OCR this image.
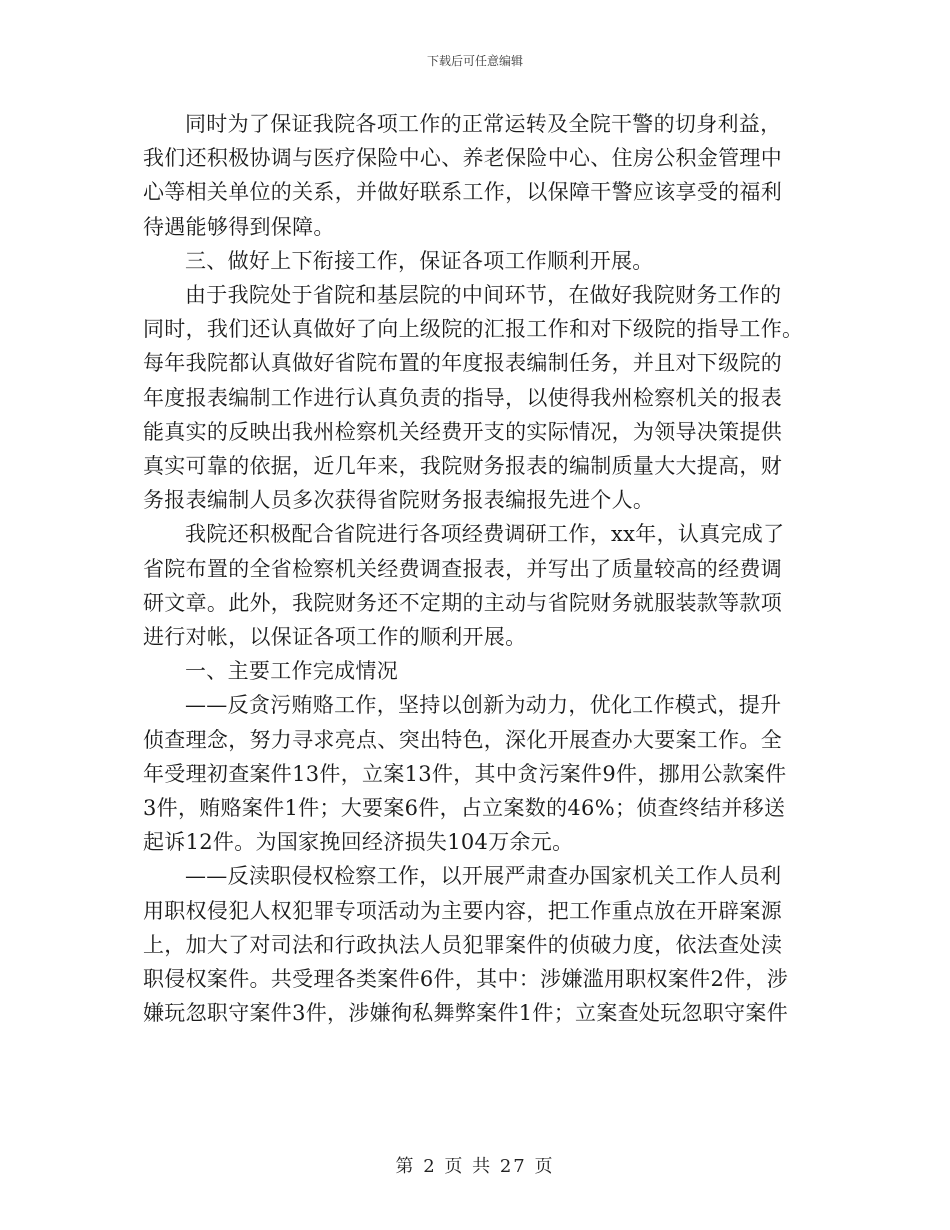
下载后可任意编辑

同时为了保证我院各项工作的正常运转及全院干警的切身利益，
我们还积极协调与医疗保险中心、养老保险中心、住房公积金管理中
心等相关单位的关系，并做好联系工作，以保障干警应该享受的福利
待遇能够得到保障。

三、做好上下衔接工作，保证各项工作顺利开展。

由于我院处于省院和基层院的中间环节，在做好我院财务工作的
同时，我们还认真做好了向上级院的汇报工作和对下级院的指导工作。
每年我院都认真做好省院布置的年度报表编制任务，并且对下级院的
年度报表编制工作进行认真负责的指导，以使得我州检察机关的报表
能真实的反映出我州检察机关经费开支的实际情况，为领导决策提供
真实可靠的依据，近几年来，我院财务报表的编制质量大大提高，财
务报表编制人员多次获得省院财务报表编报先进个人。

我院还积极配合省院进行各项经费调研工作，xx年，认真完成了
省院布置的全省检察机关经费调查报表，并写出了质量较高的经费调
研文章。此外，我院财务还不定期的主动与省院财务就服装款等款项
进行对帐，以保证各项工作的顺利开展。

一、主要工作完成情况

——反贪污贿赂工作，坚持以创新为动力，优化工作模式，提升
侦查理念，努力寻求亮点、突出特色，深化开展查办大要案工作。全
年受理初查案件13件，立案13件，其中贪污案件9件，挪用公款案件
3件，贿赂案件1件；大要案6件，占立案数的46%；侦查终结并移送
起诉12件。为国家挽回经济损失104万余元。

——反渎职侵权检察工作，以开展严肃查办国家机关工作人员利
用职权侵犯人权犯罪专项活动为主要内容，把工作重点放在开辟案源
上，加大了对司法和行政执法人员犯罪案件的侦破力度，依法查处渎
职侵权案件。共受理各类案件6件，其中：涉嫌滥用职权案件2件，涉
嫌玩忽职守案件3件，涉嫌徇私舞弊案件1件；立案查处玩忽职守案件

第 2 页 共 27 页
